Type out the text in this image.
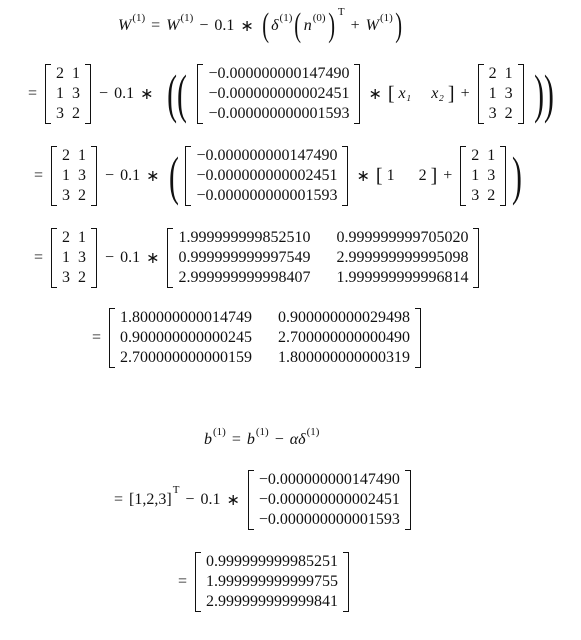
W (1) = W (1) − 0.1 ∗ ( δ (1) ( n (0) ) T
+ W (1) )
=
2	1
1	3
3	2
− 0.1 ∗ (( −0.000000000147490
−0.000000000002451
−0.000000000001593
∗ [ x₁ x₂ ] +
2	1
1	3
3	2 ))
=
2	1
1	3
3	2
− 0.1 ∗ ( −0.000000000147490
−0.000000000002451
−0.000000000001593
∗ [ 1 2 ] +
2	1
1	3
3	2 )
=
2	1
1	3
3	2
− 0.1 ∗
1.999999999852510	0.999999999705020
0.999999999997549	2.999999999995098
2.999999999998407	1.999999999996814
=
1.800000000014749	0.900000000029498
0.900000000000245	2.700000000000490
2.700000000000159	1.800000000000319
b (1) = b (1) − α δ (1)
= [1,2,3]
T
− 0.1 ∗
−0.000000000147490
−0.000000000002451
−0.000000000001593
=
0.999999999985251
1.999999999999755
2.999999999999841
